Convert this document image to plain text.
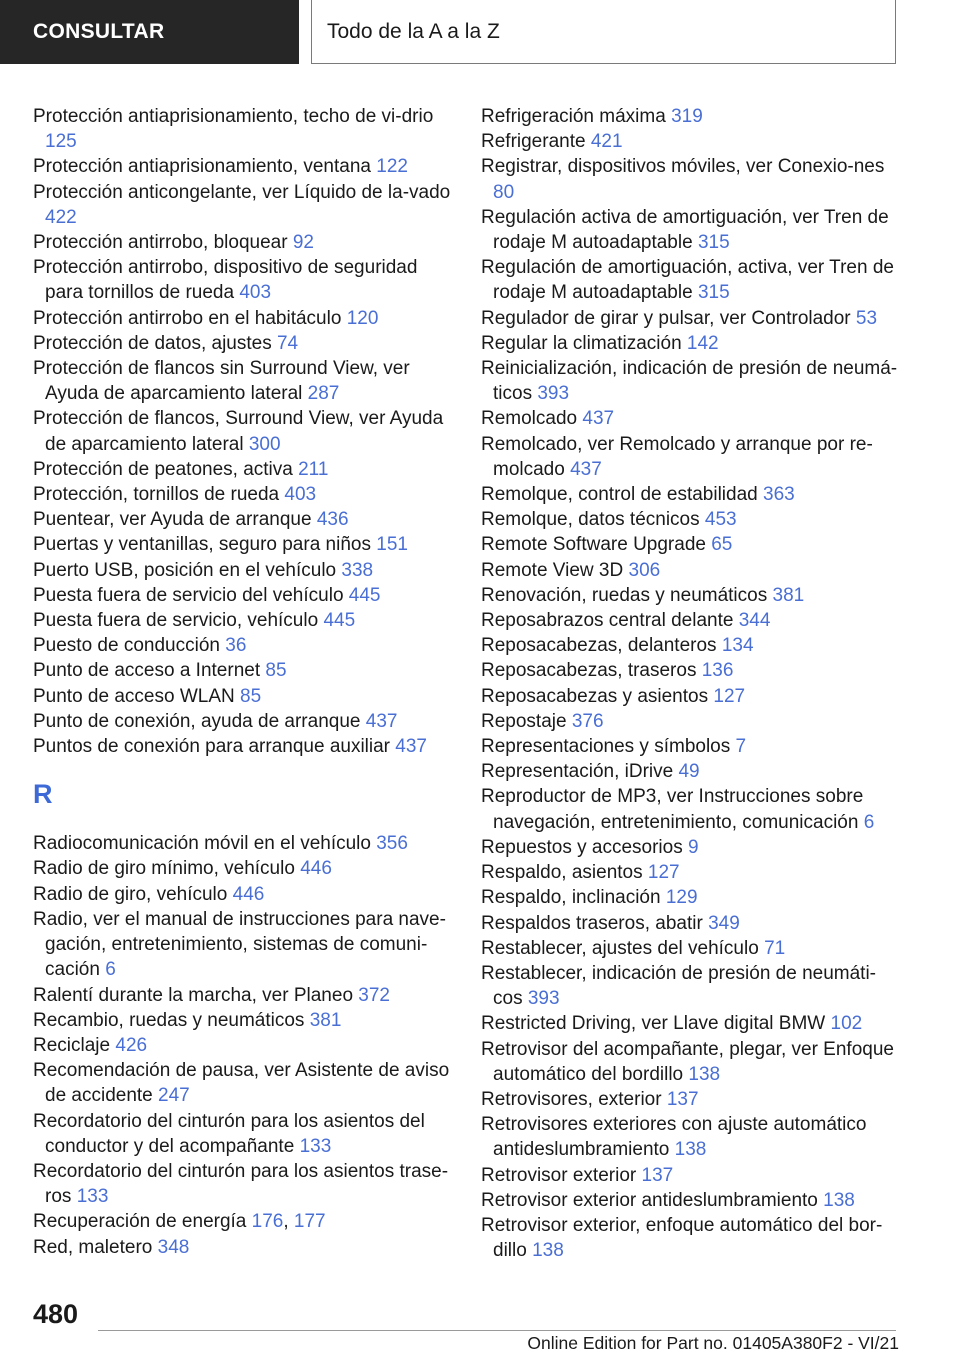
CONSULTAR	Todo de la A a la Z
Protección antiaprisionamiento, techo de vi‐drio 125
Protección antiaprisionamiento, ventana 122
Protección anticongelante, ver Líquido de la‐vado 422
Protección antirrobo, bloquear 92
Protección antirrobo, dispositivo de seguridad para tornillos de rueda 403
Protección antirrobo en el habitáculo 120
Protección de datos, ajustes 74
Protección de flancos sin Surround View, ver Ayuda de aparcamiento lateral 287
Protección de flancos, Surround View, ver Ayuda de aparcamiento lateral 300
Protección de peatones, activa 211
Protección, tornillos de rueda 403
Puentear, ver Ayuda de arranque 436
Puertas y ventanillas, seguro para niños 151
Puerto USB, posición en el vehículo 338
Puesta fuera de servicio del vehículo 445
Puesta fuera de servicio, vehículo 445
Puesto de conducción 36
Punto de acceso a Internet 85
Punto de acceso WLAN 85
Punto de conexión, ayuda de arranque 437
Puntos de conexión para arranque auxiliar 437
R
Radiocomunicación móvil en el vehículo 356
Radio de giro mínimo, vehículo 446
Radio de giro, vehículo 446
Radio, ver el manual de instrucciones para nave‐gación, entretenimiento, sistemas de comuni‐cación 6
Ralentí durante la marcha, ver Planeo 372
Recambio, ruedas y neumáticos 381
Reciclaje 426
Recomendación de pausa, ver Asistente de aviso de accidente 247
Recordatorio del cinturón para los asientos del conductor y del acompañante 133
Recordatorio del cinturón para los asientos trase‐ros 133
Recuperación de energía 176, 177
Red, maletero 348
Refrigeración máxima 319
Refrigerante 421
Registrar, dispositivos móviles, ver Conexio‐nes 80
Regulación activa de amortiguación, ver Tren de rodaje M autoadaptable 315
Regulación de amortiguación, activa, ver Tren de rodaje M autoadaptable 315
Regulador de girar y pulsar, ver Controlador 53
Regular la climatización 142
Reinicialización, indicación de presión de neumá‐ticos 393
Remolcado 437
Remolcado, ver Remolcado y arranque por re‐molcado 437
Remolque, control de estabilidad 363
Remolque, datos técnicos 453
Remote Software Upgrade 65
Remote View 3D 306
Renovación, ruedas y neumáticos 381
Reposabrazos central delante 344
Reposacabezas, delanteros 134
Reposacabezas, traseros 136
Reposacabezas y asientos 127
Repostaje 376
Representaciones y símbolos 7
Representación, iDrive 49
Reproductor de MP3, ver Instrucciones sobre navegación, entretenimiento, comunicación 6
Repuestos y accesorios 9
Respaldo, asientos 127
Respaldo, inclinación 129
Respaldos traseros, abatir 349
Restablecer, ajustes del vehículo 71
Restablecer, indicación de presión de neumáti‐cos 393
Restricted Driving, ver Llave digital BMW 102
Retrovisor del acompañante, plegar, ver Enfoque automático del bordillo 138
Retrovisores, exterior 137
Retrovisores exteriores con ajuste automático antideslumbramiento 138
Retrovisor exterior 137
Retrovisor exterior antideslumbramiento 138
Retrovisor exterior, enfoque automático del bor‐dillo 138
480
Online Edition for Part no. 01405A380F2 - VI/21
